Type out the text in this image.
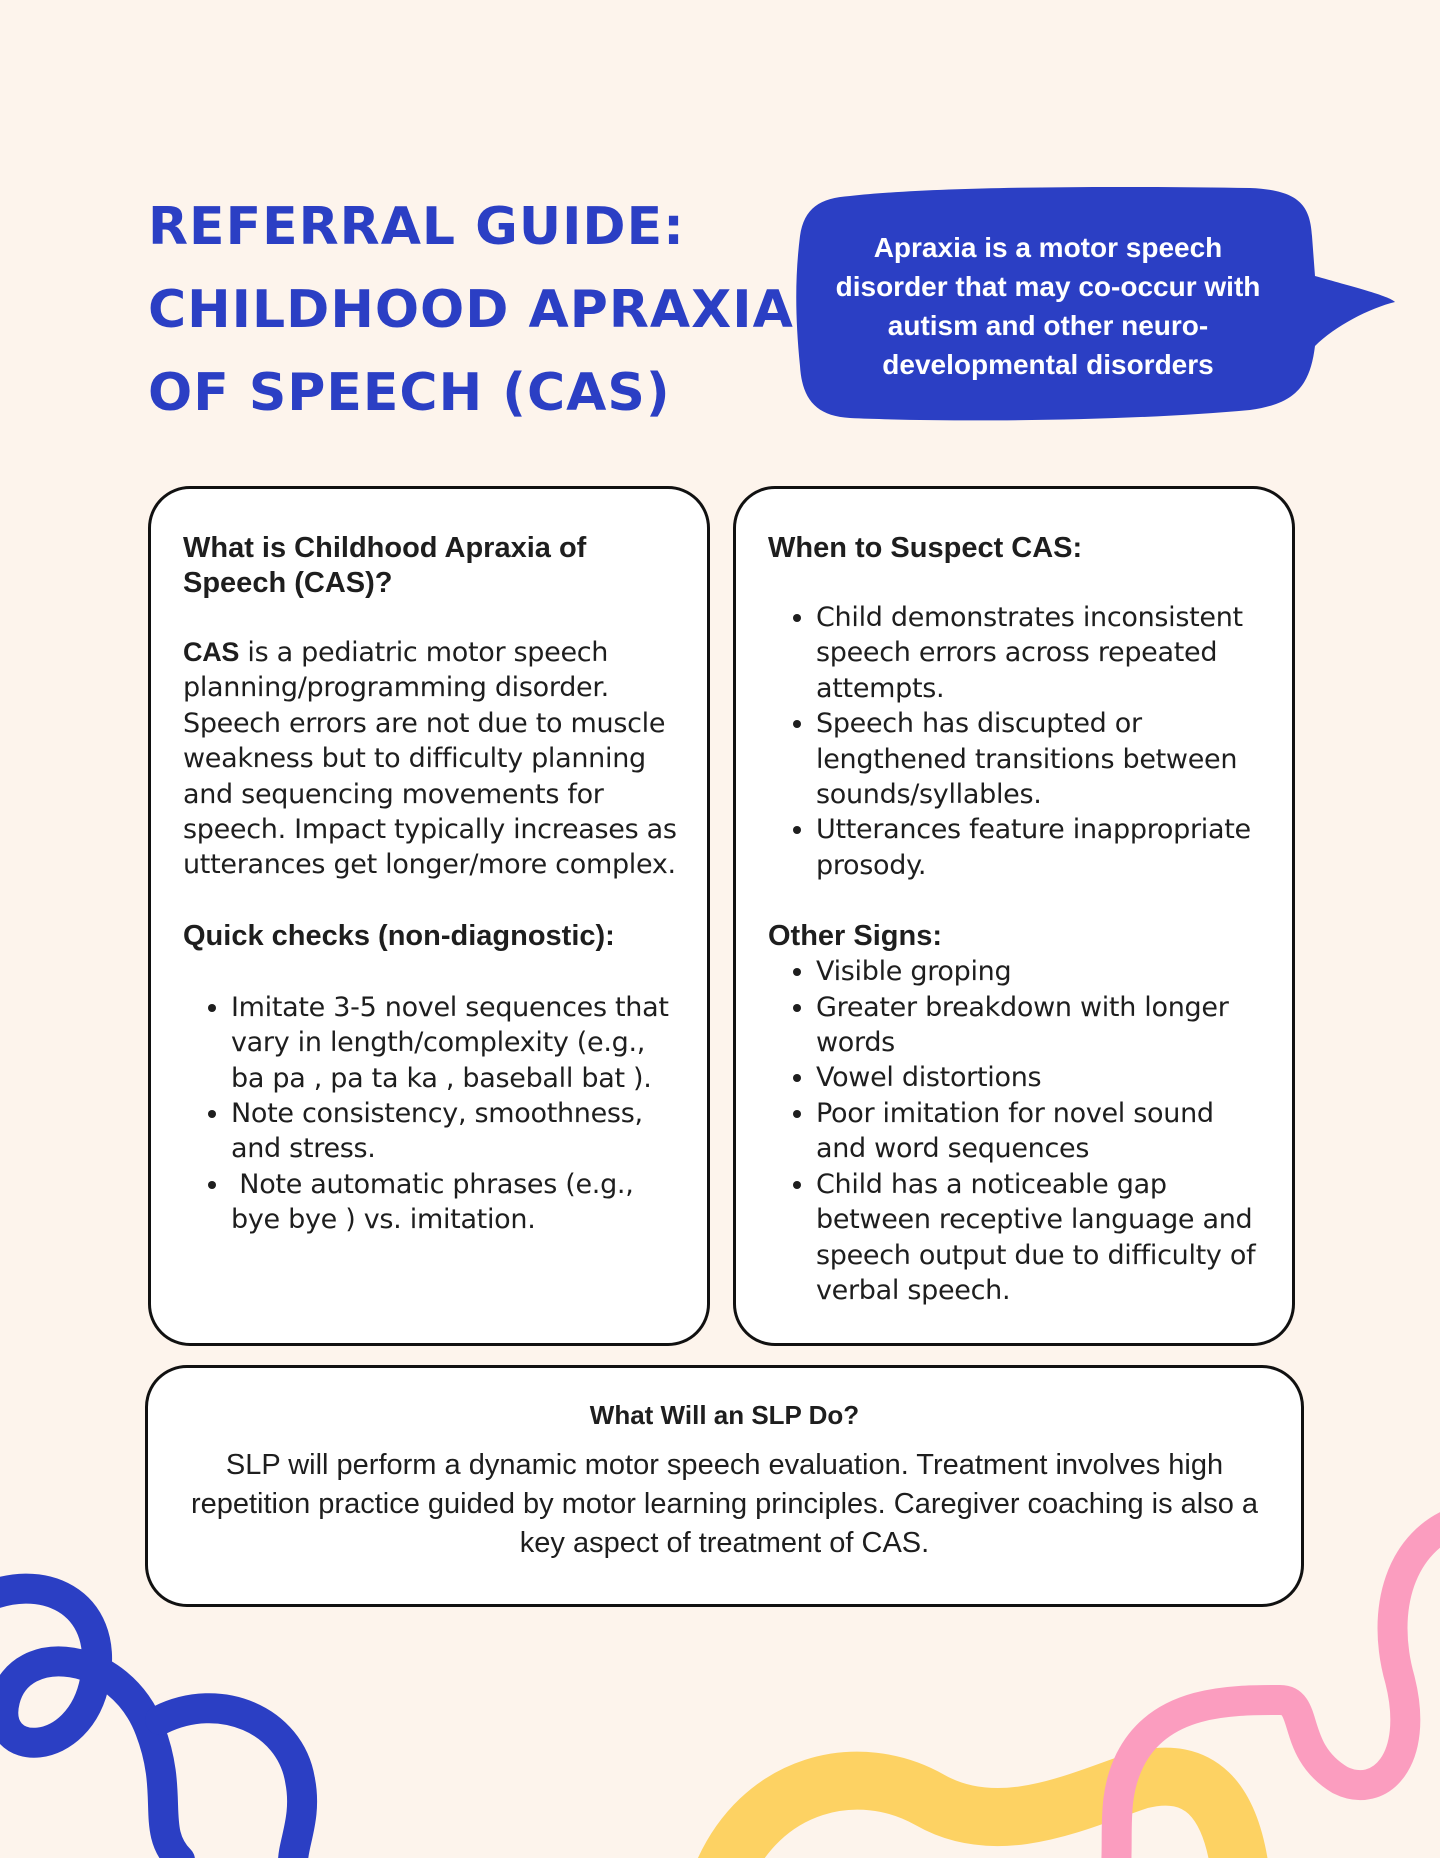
REFERRAL GUIDE:
CHILDHOOD APRAXIA
OF SPEECH (CAS)

Apraxia is a motor speech disorder that may co-occur with autism and other neuro-developmental disorders

What is Childhood Apraxia of Speech (CAS)?

CAS is a pediatric motor speech planning/programming disorder. Speech errors are not due to muscle weakness but to difficulty planning and sequencing movements for speech. Impact typically increases as utterances get longer/more complex.

Quick checks (non-diagnostic):
• Imitate 3-5 novel sequences that vary in length/complexity (e.g., ba pa , pa ta ka , baseball bat ).
• Note consistency, smoothness, and stress.
•  Note automatic phrases (e.g., bye bye ) vs. imitation.
When to Suspect CAS:
• Child demonstrates inconsistent speech errors across repeated attempts.
• Speech has discupted or lengthened transitions between sounds/syllables.
• Utterances feature inappropriate prosody.
Other Signs:
• Visible groping
• Greater breakdown with longer words
• Vowel distortions
• Poor imitation for novel sound and word sequences
• Child has a noticeable gap between receptive language and speech output due to difficulty of verbal speech.
What Will an SLP Do?

SLP will perform a dynamic motor speech evaluation. Treatment involves high repetition practice guided by motor learning principles. Caregiver coaching is also a key aspect of treatment of CAS.
